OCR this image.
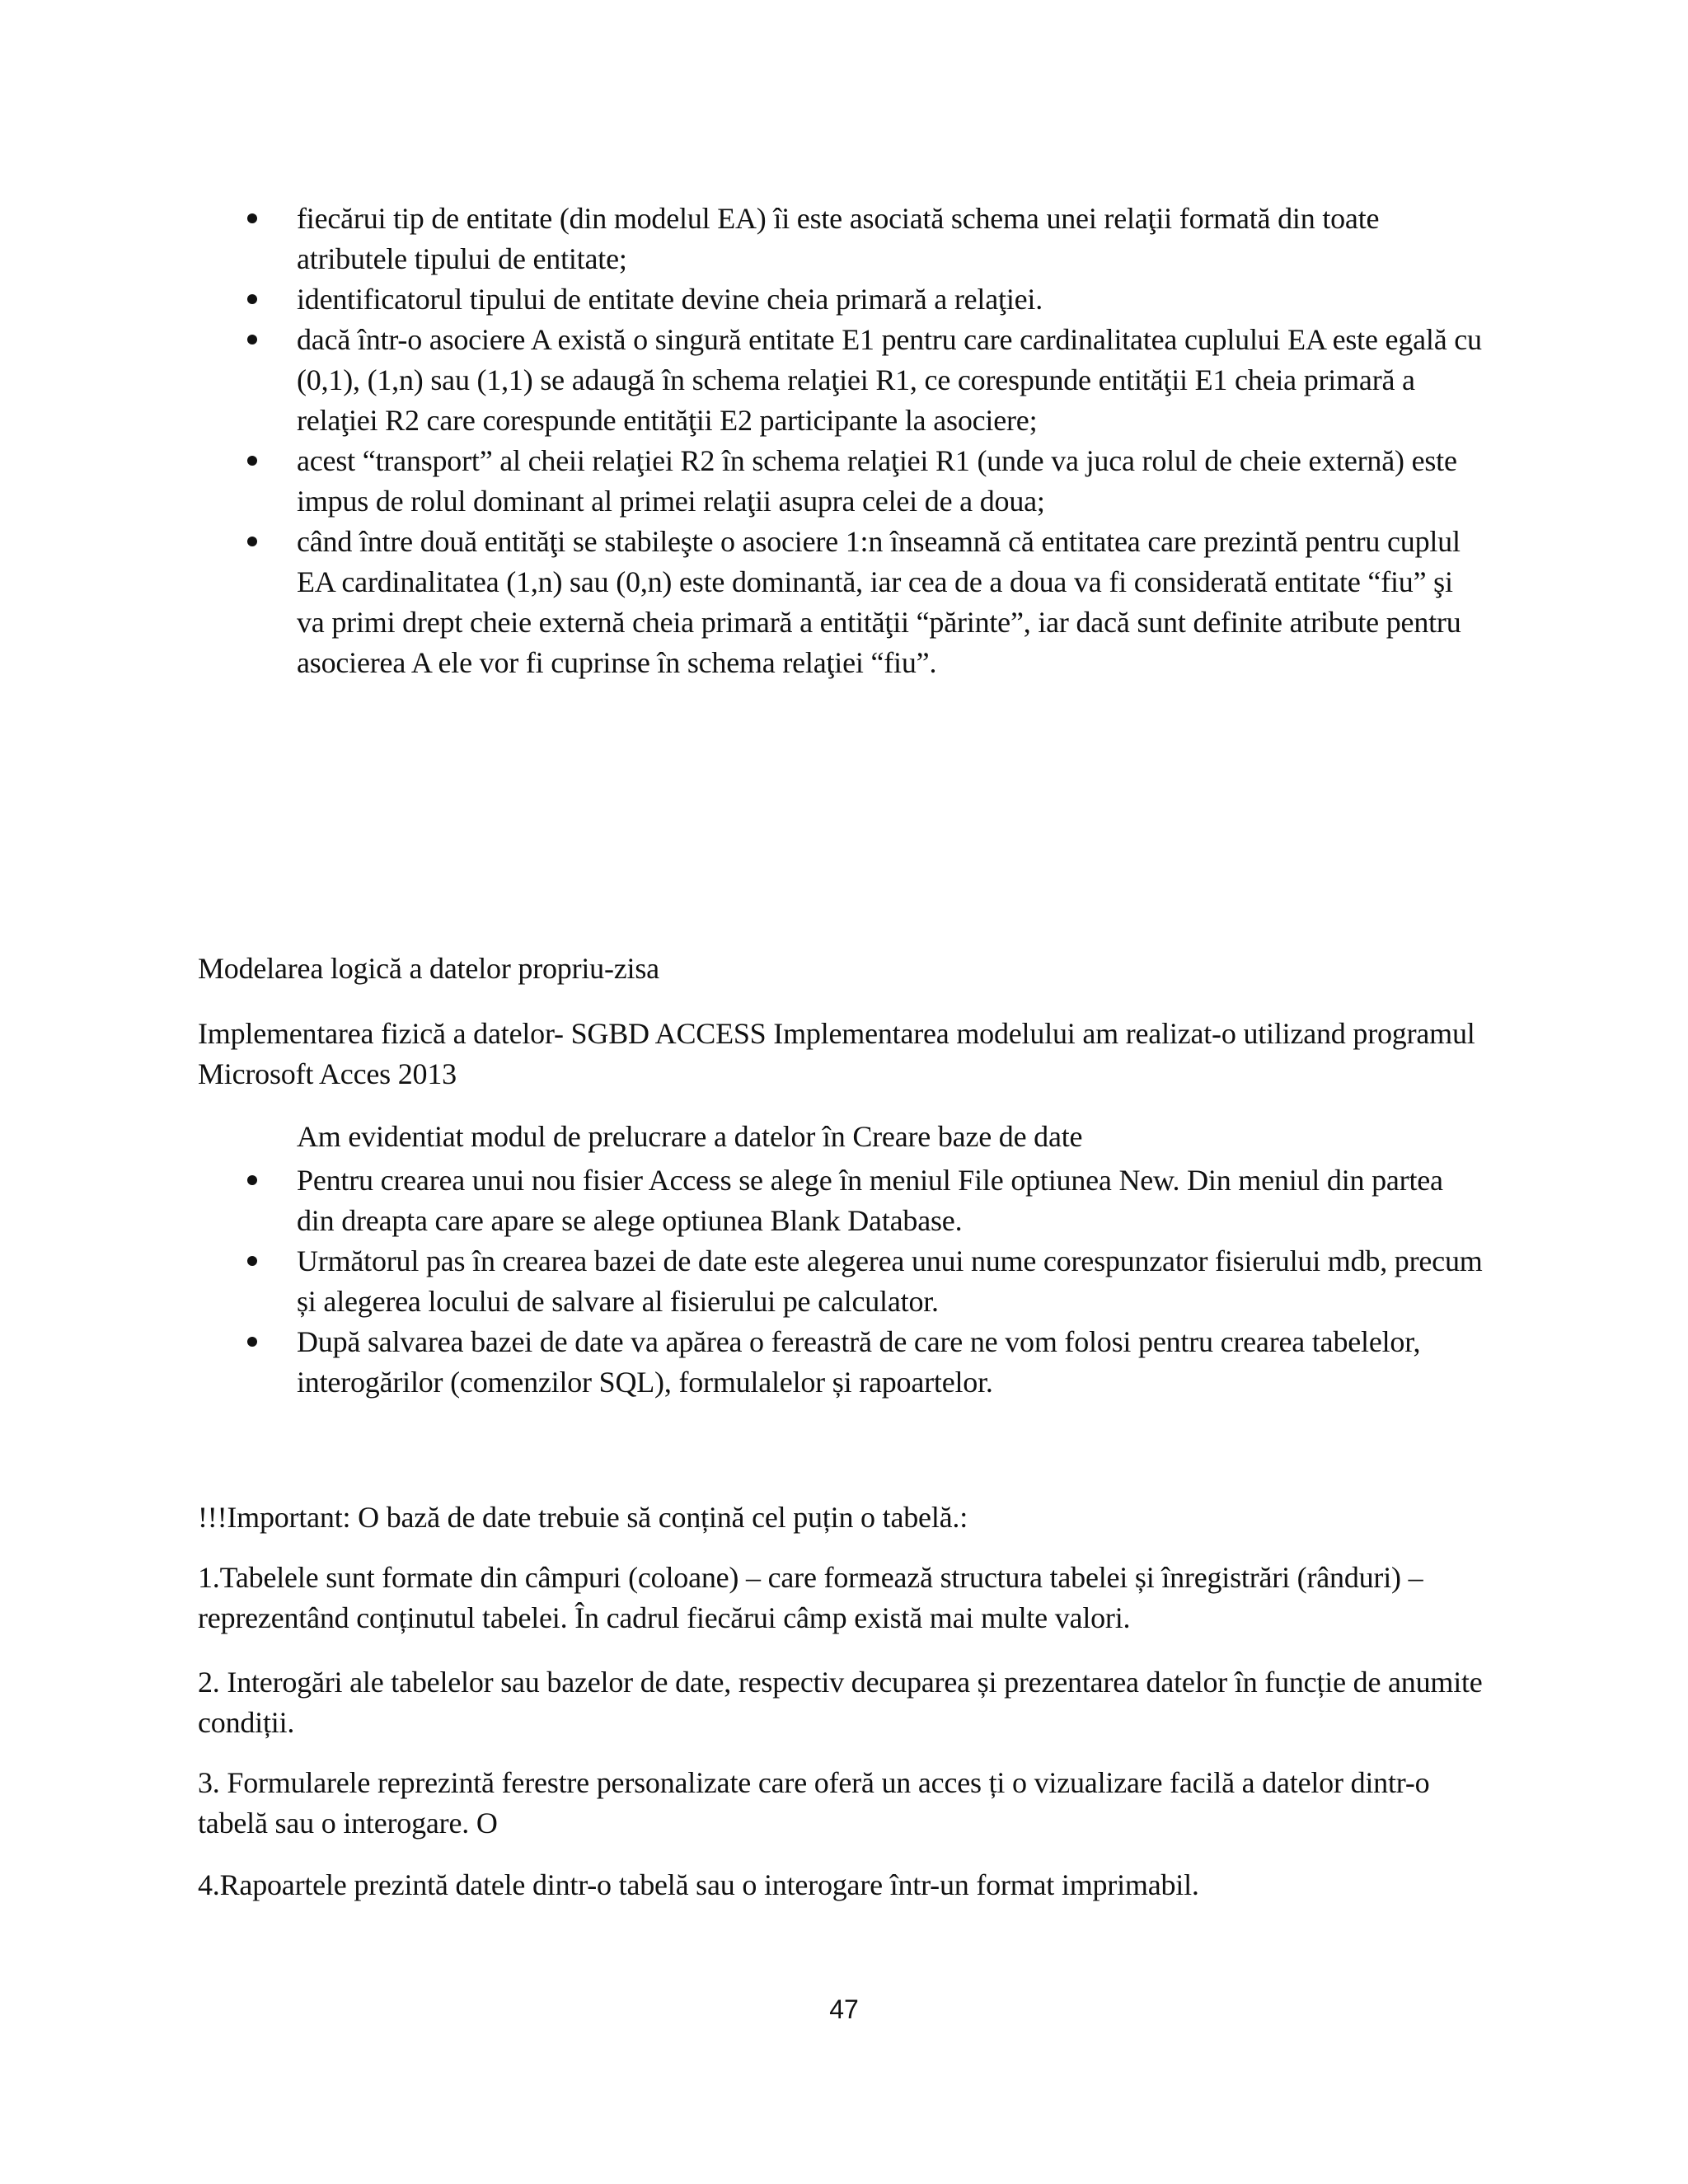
fiecărui tip de entitate (din modelul EA) îi este asociată schema unei relaţii formată din toate atributele tipului de entitate;
identificatorul tipului de entitate devine cheia primară a relaţiei.
dacă într-o asociere A există o singură entitate E1 pentru care cardinalitatea cuplului EA este egală cu (0,1), (1,n) sau (1,1) se adaugă în schema relaţiei R1, ce corespunde entităţii E1 cheia primară a relaţiei R2 care corespunde entităţii E2 participante la asociere;
acest “transport” al cheii relaţiei R2 în schema relaţiei R1 (unde va juca rolul de cheie externă) este impus de rolul dominant al primei relaţii asupra celei de a doua;
când între două entităţi se stabileşte o asociere 1:n înseamnă că entitatea care prezintă pentru cuplul EA cardinalitatea (1,n) sau (0,n) este dominantă, iar cea de a doua va fi considerată entitate “fiu” şi va primi drept cheie externă cheia primară a entităţii “părinte”, iar dacă sunt definite atribute pentru asocierea A ele vor fi cuprinse în schema relaţiei “fiu”.
Modelarea logică a datelor propriu-zisa
Implementarea fizică a datelor- SGBD ACCESS Implementarea modelului am realizat-o utilizand programul Microsoft Acces 2013
Am evidentiat modul de prelucrare a datelor în Creare baze de date
Pentru crearea unui nou fisier Access se alege în meniul File optiunea New. Din meniul din partea din dreapta care apare se alege optiunea Blank Database.
Următorul pas în crearea bazei de date este alegerea unui nume corespunzator fisierului mdb, precum și alegerea locului de salvare al fisierului pe calculator.
După salvarea bazei de date va apărea o fereastră de care ne vom folosi pentru crearea tabelelor, interogărilor (comenzilor SQL), formulalelor și rapoartelor.
!!!Important: O bază de date trebuie să conțină cel puțin o tabelă.:
1.Tabelele sunt formate din câmpuri (coloane) – care formează structura tabelei și înregistrări (rânduri) – reprezentând conținutul tabelei. În cadrul fiecărui câmp există mai multe valori.
2. Interogări ale tabelelor sau bazelor de date, respectiv decuparea și prezentarea datelor în funcție de anumite condiții.
3. Formularele reprezintă ferestre personalizate care oferă un acces ți o vizualizare facilă a datelor dintr-o tabelă sau o interogare. O
4.Rapoartele prezintă datele dintr-o tabelă sau o interogare într-un format imprimabil.
47
